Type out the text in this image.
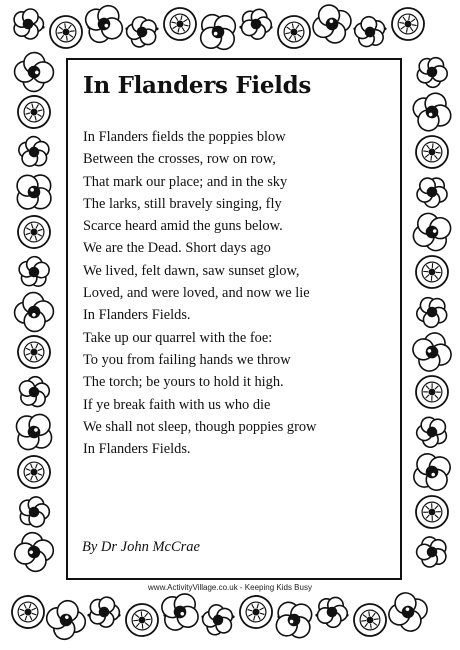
In Flanders Fields
In Flanders fields the poppies blow
Between the crosses, row on row,
That mark our place; and in the sky
The larks, still bravely singing, fly
Scarce heard amid the guns below.
We are the Dead. Short days ago
We lived, felt dawn, saw sunset glow,
Loved, and were loved, and now we lie
In Flanders Fields.
Take up our quarrel with the foe:
To you from failing hands we throw
The torch; be yours to hold it high.
If ye break faith with us who die
We shall not sleep, though poppies grow
In Flanders Fields.

By Dr John McCrae

www.ActivityVillage.co.uk - Keeping Kids Busy
